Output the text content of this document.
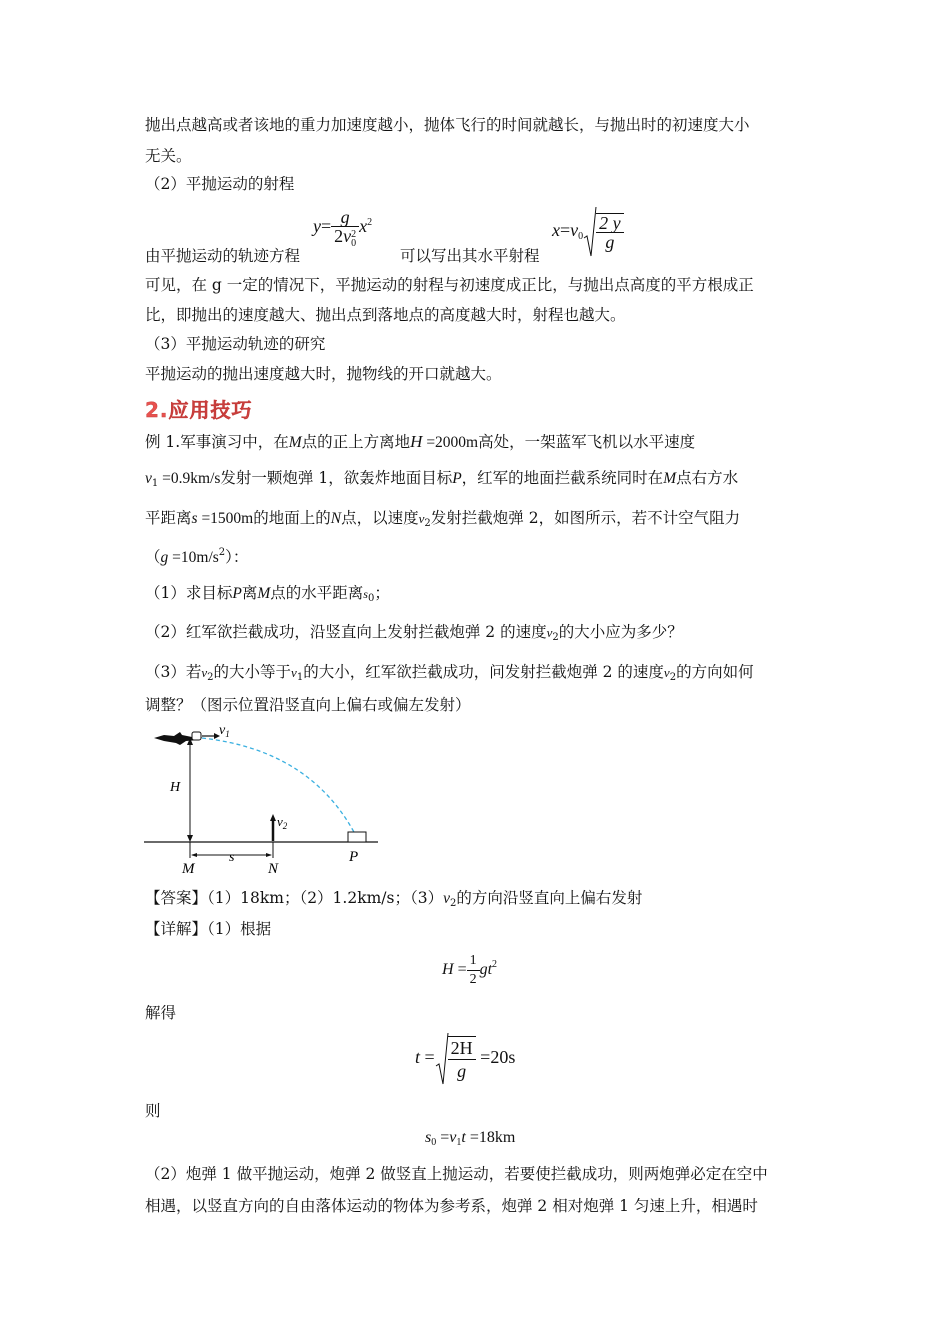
抛出点越高或者该地的重力加速度越小，抛体飞行的时间就越长，与抛出时的初速度大小
无关。
（2）平抛运动的射程
由平抛运动的轨迹方程
y= g
2v 2
0 $x^2$
可以写出其水平射程
$x=v_0 \frac{2 y}{g}$
可见，在 g 一定的情况下，平抛运动的射程与初速度成正比，与抛出点高度的平方根成正
比，即抛出的速度越大、抛出点到落地点的高度越大时，射程也越大。
（3）平抛运动轨迹的研究
平抛运动的抛出速度越大时，抛物线的开口就越大。
2.应用技巧
例 1.军事演习中，在M点的正上方离地H =2000m高处，一架蓝军飞机以水平速度
$v_1 =0.9km/s$发射一颗炮弹 1，欲轰炸地面目标P，红军的地面拦截系统同时在M点右方水
平距离s =1500m的地面上的N点，以速度$v_2$发射拦截炮弹 2，如图所示，若不计空气阻力
$(g =10m/s^2)$：
（1）求目标P离M点的水平距离$s_0$；
（2）红军欲拦截成功，沿竖直向上发射拦截炮弹 2 的速度$v_2$的大小应为多少？
（3）若$v_2$的大小等于$v_1$的大小，红军欲拦截成功，问发射拦截炮弹 2 的速度$v_2$的方向如何
调整？（图示位置沿竖直向上偏右或偏左发射）
$v_1$
H
$v_2$
s
M	N
P
【答案】（1）18km；（2）1.2km/s；$(3)v_2$的方向沿竖直向上偏右发射
【详解】（1）根据
$H = \frac{1}{2} gt^2$
解得
$t = \frac{2H}{g} =20s$
则
$s_0 =v_1t =18km$
（2）炮弹 1 做平抛运动，炮弹 2 做竖直上抛运动，若要使拦截成功，则两炮弹必定在空中
相遇，以竖直方向的自由落体运动的物体为参考系，炮弹 2 相对炮弹 1 匀速上升，相遇时
